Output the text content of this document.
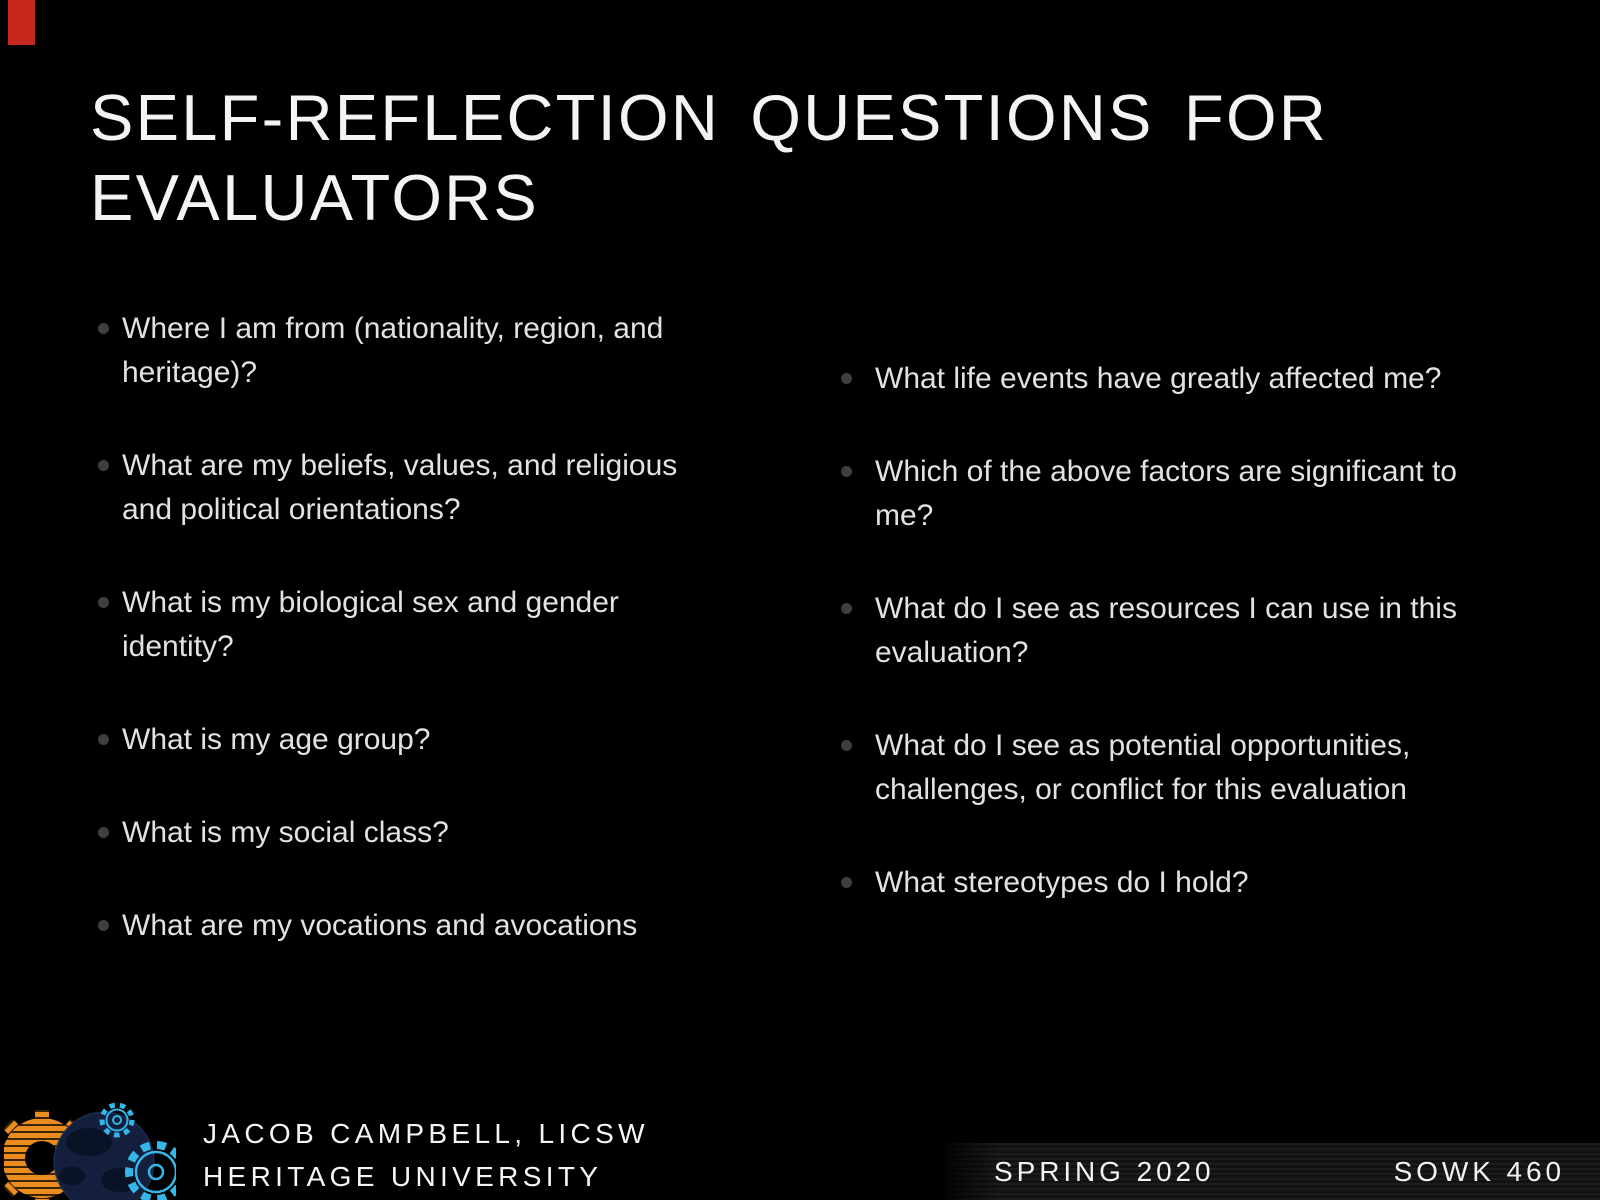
SELF-REFLECTION QUESTIONS FOR EVALUATORS
Where I am from (nationality, region, and heritage)?
What are my beliefs, values, and religious and political orientations?
What is my biological sex and gender identity?
What is my age group?
What is my social class?
What are my vocations and avocations
What life events have greatly affected me?
Which of the above factors are significant to me?
What do I see as resources I can use in this evaluation?
What do I see as potential opportunities, challenges, or conflict for this evaluation
What stereotypes do I hold?
JACOB CAMPBELL, LICSW
HERITAGE UNIVERSITY	SPRING 2020	SOWK 460
